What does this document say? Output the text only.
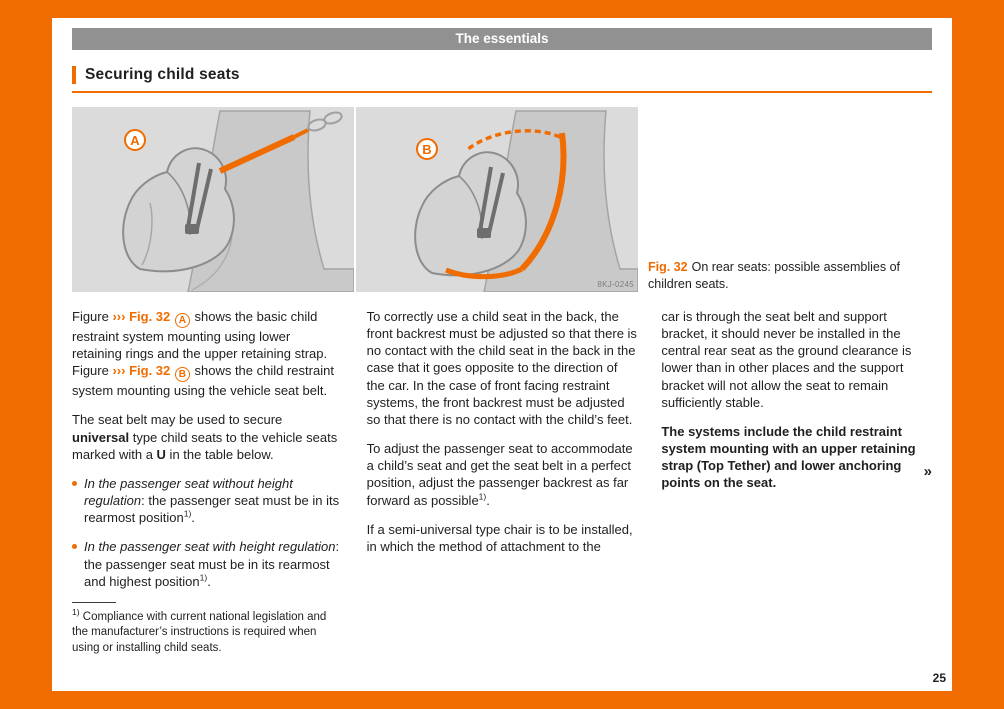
The essentials
Securing child seats
A
B
8KJ-0245

Fig. 32 On rear seats: possible assemblies of children seats.

Figure ››› Fig. 32 A shows the basic child restraint system mounting using lower retaining rings and the upper retaining strap. Figure ››› Fig. 32 B shows the child restraint system mounting using the vehicle seat belt.

The seat belt may be used to secure universal type child seats to the vehicle seats marked with a U in the table below.

In the passenger seat without height regulation: the passenger seat must be in its rearmost position$^{1)}$.
In the passenger seat with height regulation: the passenger seat must be in its rearmost and highest position$^{1)}$.

$^{1)}$ Compliance with current national legislation and the manufacturer’s instructions is required when using or installing child seats.

To correctly use a child seat in the back, the front backrest must be adjusted so that there is no contact with the child seat in the back in the case that it goes opposite to the direction of the car. In the case of front facing restraint systems, the front backrest must be adjusted so that there is no contact with the child’s feet.

To adjust the passenger seat to accommodate a child’s seat and get the seat belt in a perfect position, adjust the passenger backrest as far forward as possible$^{1)}$.

If a semi-universal type chair is to be installed, in which the method of attachment to the

car is through the seat belt and support bracket, it should never be installed in the central rear seat as the ground clearance is lower than in other places and the support bracket will not allow the seat to remain sufficiently stable.

The systems include the child restraint system mounting with an upper retaining strap (Top Tether) and lower anchoring points on the seat.

»
25
